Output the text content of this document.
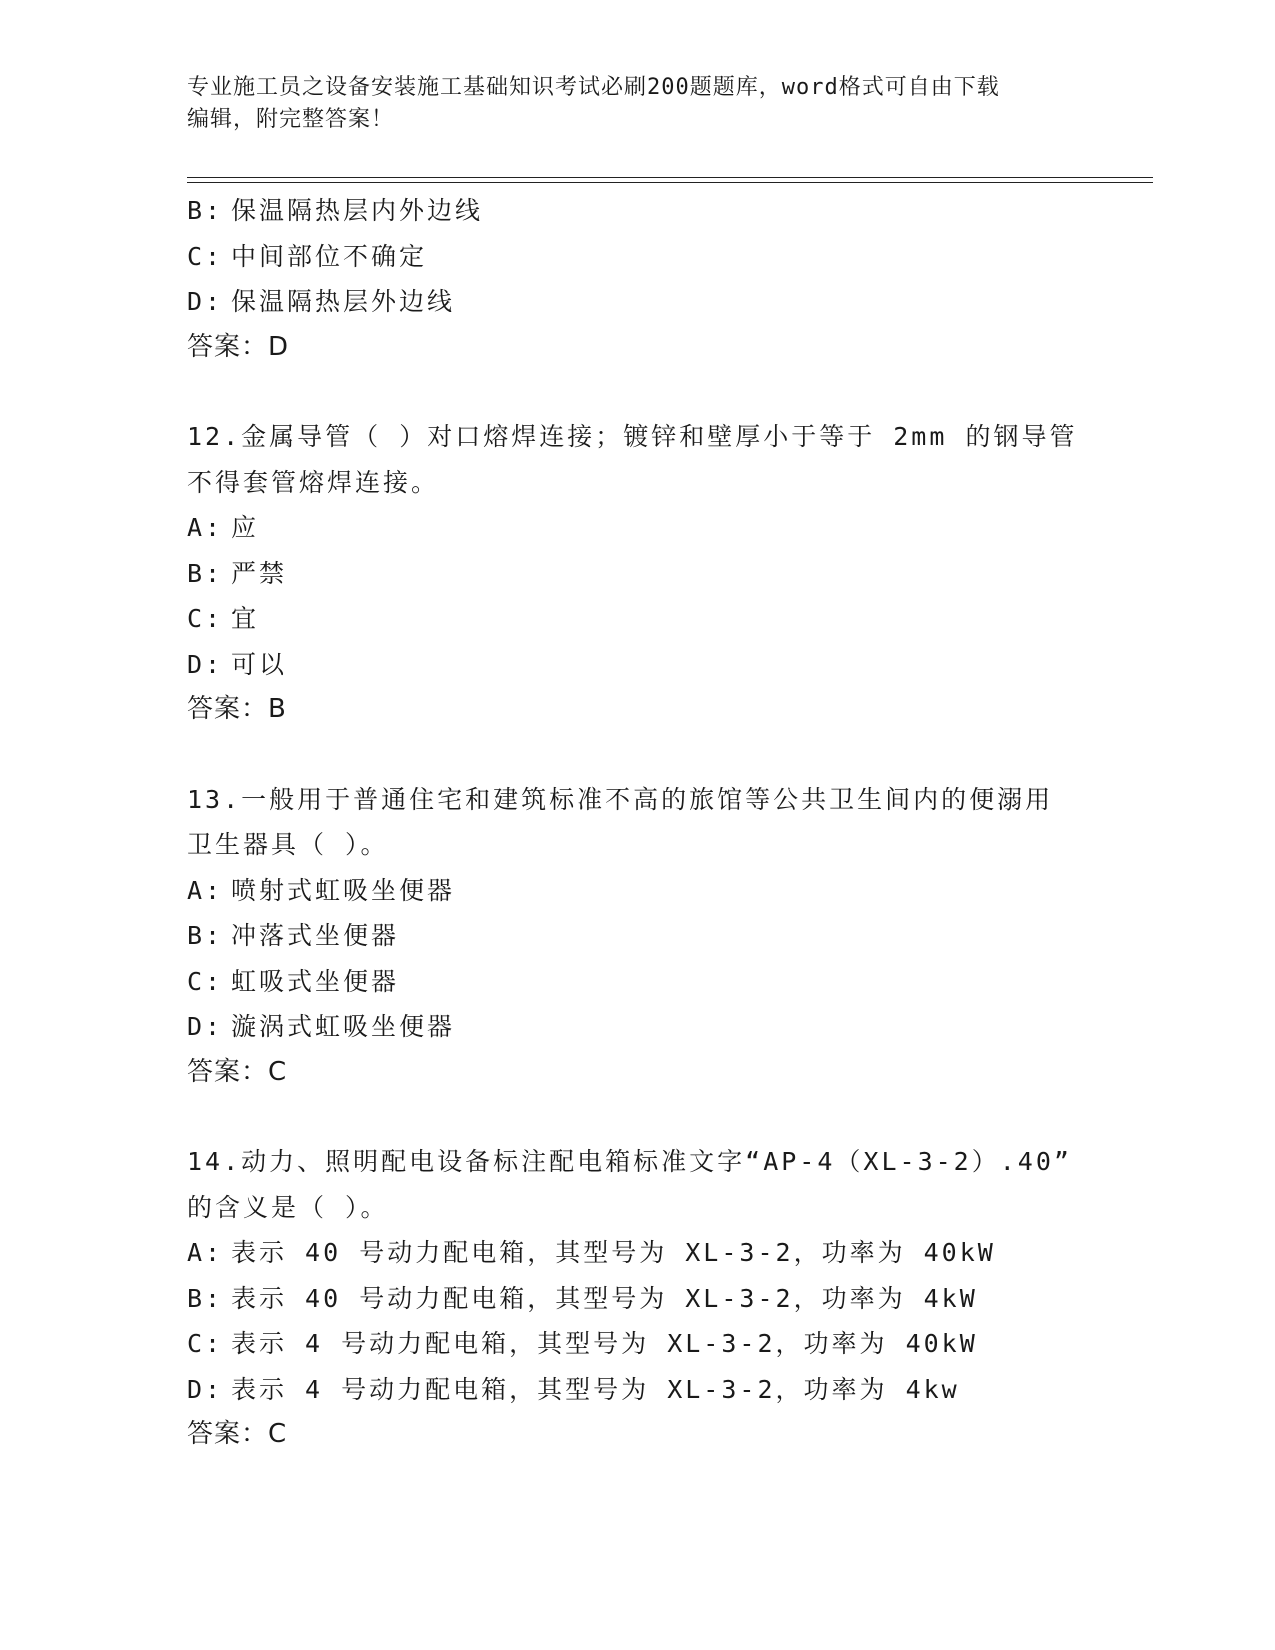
专业施工员之设备安装施工基础知识考试必刷200题题库，word格式可自由下载
编辑，附完整答案！
B: 保温隔热层内外边线
C: 中间部位不确定
D: 保温隔热层外边线
答案：D
12.金属导管（ ）对口熔焊连接；镀锌和壁厚小于等于 2mm 的钢导管
不得套管熔焊连接。
A: 应
B: 严禁
C: 宜
D: 可以
答案：B
13.一般用于普通住宅和建筑标准不高的旅馆等公共卫生间内的便溺用
卫生器具（ ）。
A: 喷射式虹吸坐便器
B: 冲落式坐便器
C: 虹吸式坐便器
D: 漩涡式虹吸坐便器
答案：C
14.动力、照明配电设备标注配电箱标准文字“AP-4（XL-3-2）.40”
的含义是（ ）。
A: 表示 40 号动力配电箱，其型号为 XL-3-2，功率为 40kW
B: 表示 40 号动力配电箱，其型号为 XL-3-2，功率为 4kW
C: 表示 4 号动力配电箱，其型号为 XL-3-2，功率为 40kW
D: 表示 4 号动力配电箱，其型号为 XL-3-2，功率为 4kw
答案：C
